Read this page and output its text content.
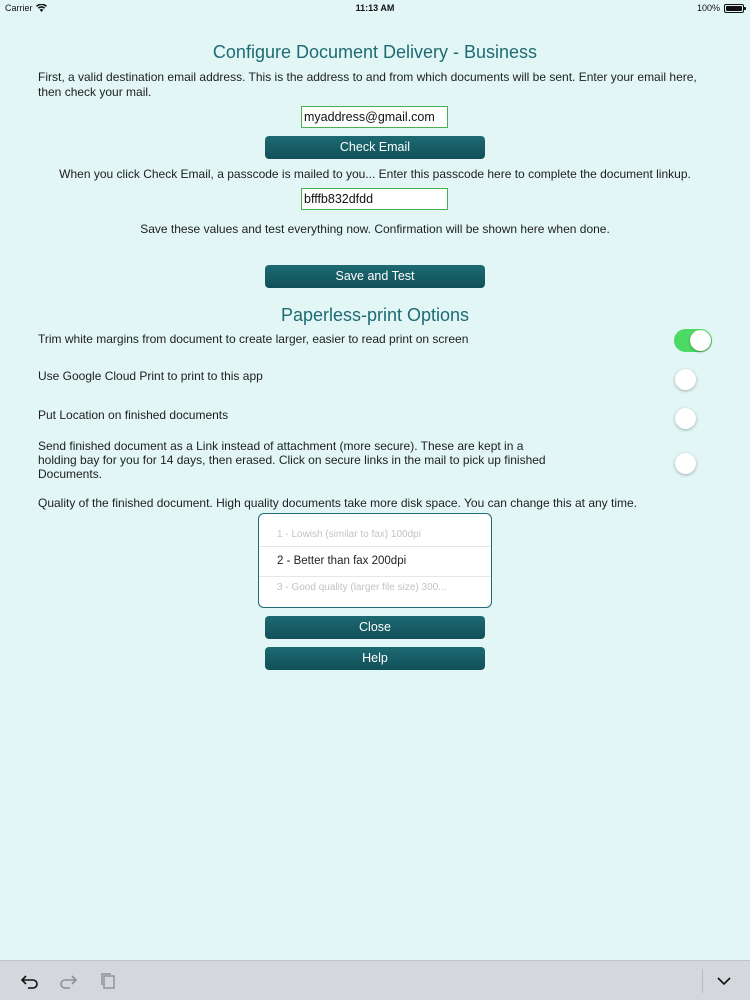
Carrier	11:13 AM	100%
Configure Document Delivery - Business
First, a valid destination email address. This is the address to and from which documents will be sent. Enter your email here, then check your mail.
myaddress@gmail.com
Check Email
When you click Check Email, a passcode is mailed to you... Enter this passcode here to complete the document linkup.
bfffb832dfdd
Save these values and test everything now. Confirmation will be shown here when done.
Save and Test
Paperless-print Options
Trim white margins from document to create larger, easier to read print on screen
Use Google Cloud Print to print to this app
Put Location on finished documents
Send finished document as a Link instead of attachment (more secure). These are kept in a holding bay for you for 14 days, then erased. Click on secure links in the mail to pick up finished Documents.
Quality of the finished document. High quality documents take more disk space. You can change this at any time.
1 - Lowish (similar to fax) 100dpi
2 - Better than fax 200dpi
3 - Good quality (larger file size) 300...
Close
Help
